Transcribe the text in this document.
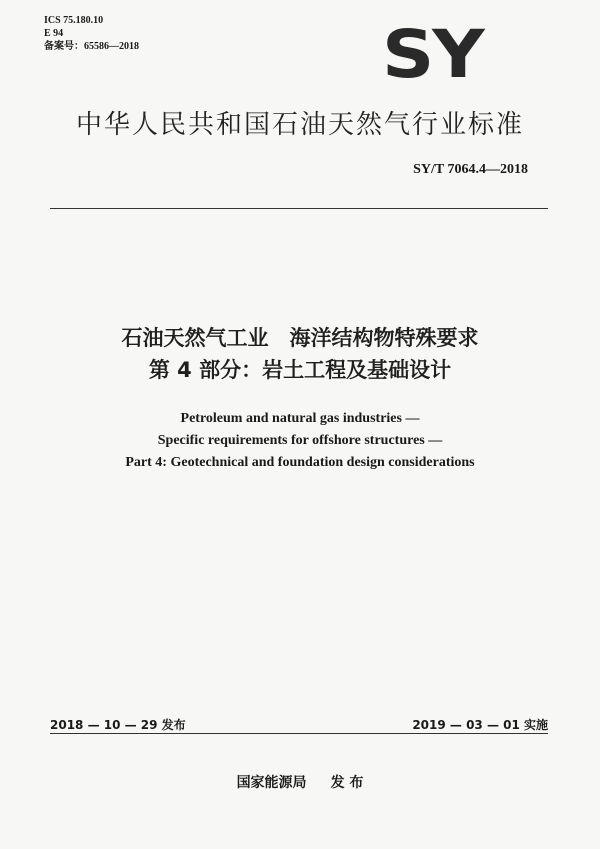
ICS 75.180.10
E 94
备案号：65586—2018	SY
中华人民共和国石油天然气行业标准
SY/T 7064.4—2018
石油天然气工业　海洋结构物特殊要求
第 4 部分：岩土工程及基础设计
Petroleum and natural gas industries —
Specific requirements for offshore structures —
Part 4: Geotechnical and foundation design considerations
2018 — 10 — 29 发布	2019 — 03 — 01 实施
国家能源局 发 布
